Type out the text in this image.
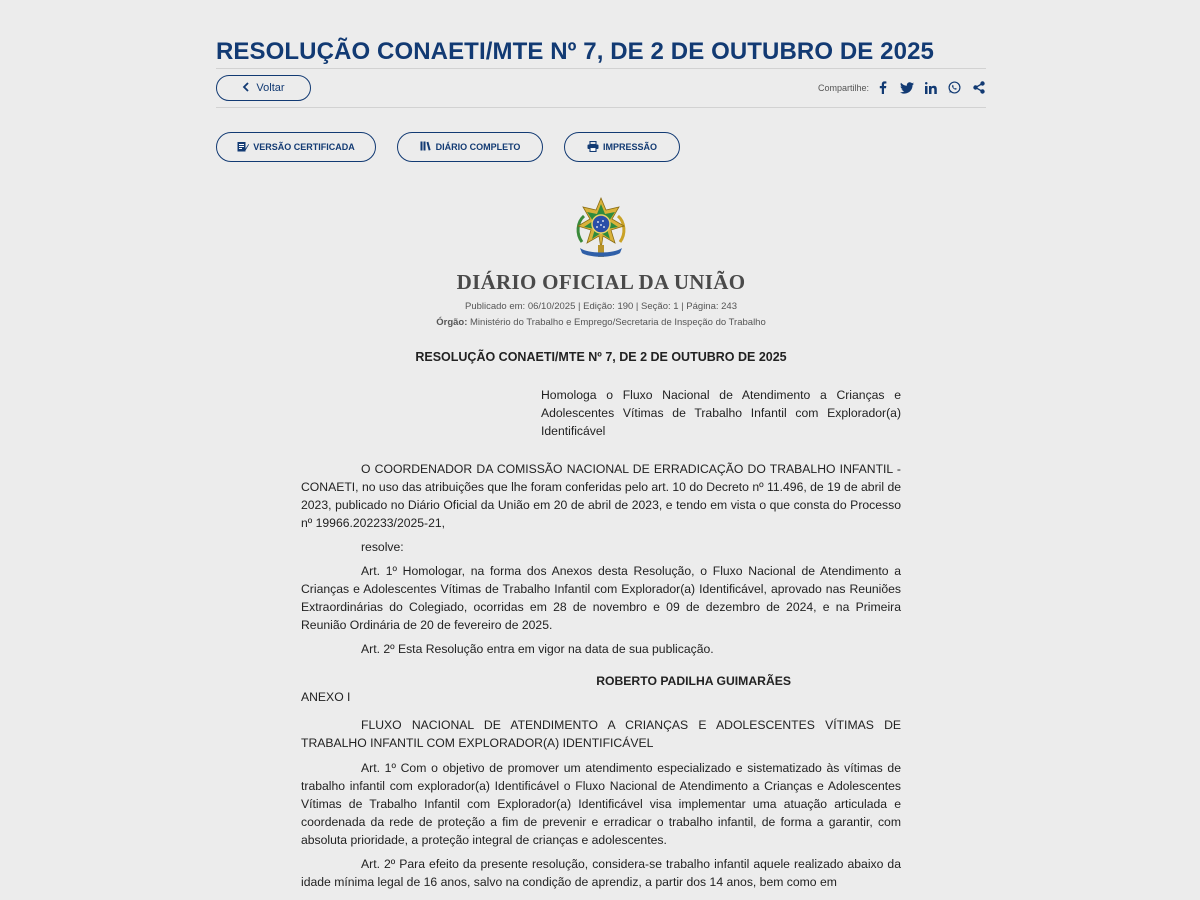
RESOLUÇÃO CONAETI/MTE Nº 7, DE 2 DE OUTUBRO DE 2025
Voltar	Compartilhe:
VERSÃO CERTIFICADA	DIÁRIO COMPLETO	IMPRESSÃO
DIÁRIO OFICIAL DA UNIÃO
Publicado em: 06/10/2025 | Edição: 190 | Seção: 1 | Página: 243
Órgão: Ministério do Trabalho e Emprego/Secretaria de Inspeção do Trabalho
RESOLUÇÃO CONAETI/MTE Nº 7, DE 2 DE OUTUBRO DE 2025
Homologa o Fluxo Nacional de Atendimento a Crianças e Adolescentes Vítimas de Trabalho Infantil com Explorador(a) Identificável

O COORDENADOR DA COMISSÃO NACIONAL DE ERRADICAÇÃO DO TRABALHO INFANTIL - CONAETI, no uso das atribuições que lhe foram conferidas pelo art. 10 do Decreto nº 11.496, de 19 de abril de 2023, publicado no Diário Oficial da União em 20 de abril de 2023, e tendo em vista o que consta do Processo nº 19966.202233/2025-21,

resolve:

Art. 1º Homologar, na forma dos Anexos desta Resolução, o Fluxo Nacional de Atendimento a Crianças e Adolescentes Vítimas de Trabalho Infantil com Explorador(a) Identificável, aprovado nas Reuniões Extraordinárias do Colegiado, ocorridas em 28 de novembro e 09 de dezembro de 2024, e na Primeira Reunião Ordinária de 20 de fevereiro de 2025.

Art. 2º Esta Resolução entra em vigor na data de sua publicação.

ROBERTO PADILHA GUIMARÃES

ANEXO I

FLUXO NACIONAL DE ATENDIMENTO A CRIANÇAS E ADOLESCENTES VÍTIMAS DE TRABALHO INFANTIL COM EXPLORADOR(A) IDENTIFICÁVEL

Art. 1º Com o objetivo de promover um atendimento especializado e sistematizado às vítimas de trabalho infantil com explorador(a) Identificável o Fluxo Nacional de Atendimento a Crianças e Adolescentes Vítimas de Trabalho Infantil com Explorador(a) Identificável visa implementar uma atuação articulada e coordenada da rede de proteção a fim de prevenir e erradicar o trabalho infantil, de forma a garantir, com absoluta prioridade, a proteção integral de crianças e adolescentes.

Art. 2º Para efeito da presente resolução, considera-se trabalho infantil aquele realizado abaixo da idade mínima legal de 16 anos, salvo na condição de aprendiz, a partir dos 14 anos, bem como em
